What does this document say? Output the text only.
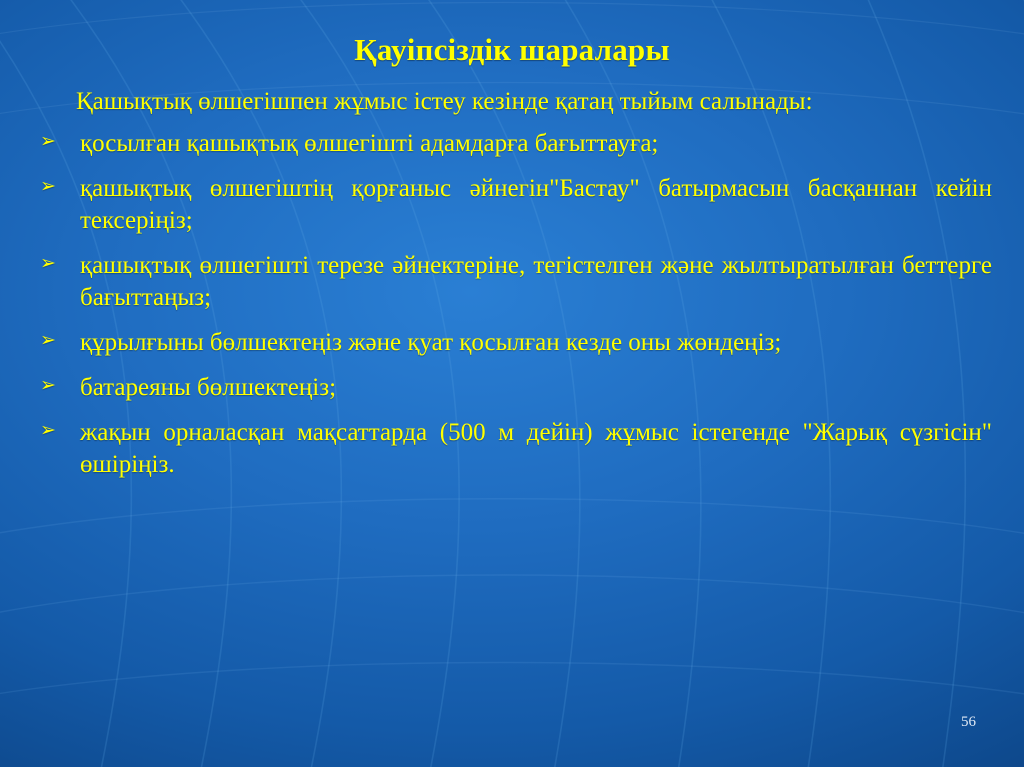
Қауіпсіздік шаралары

Қашықтық өлшегішпен жұмыс істеу кезінде қатаң тыйым салынады:

➢ қосылған қашықтық өлшегішті адамдарға бағыттауға;
➢ қашықтық өлшегіштің қорғаныс әйнегін"Бастау" батырмасын басқаннан кейін тексеріңіз;
➢ қашықтық өлшегішті терезе әйнектеріне, тегістелген және жылтыратылған беттерге бағыттаңыз;
➢ құрылғыны бөлшектеңіз және қуат қосылған кезде оны жөндеңіз;
➢ батареяны бөлшектеңіз;
➢ жақын орналасқан мақсаттарда (500 м дейін) жұмыс істегенде "Жарық сүзгісін" өшіріңіз.
56
